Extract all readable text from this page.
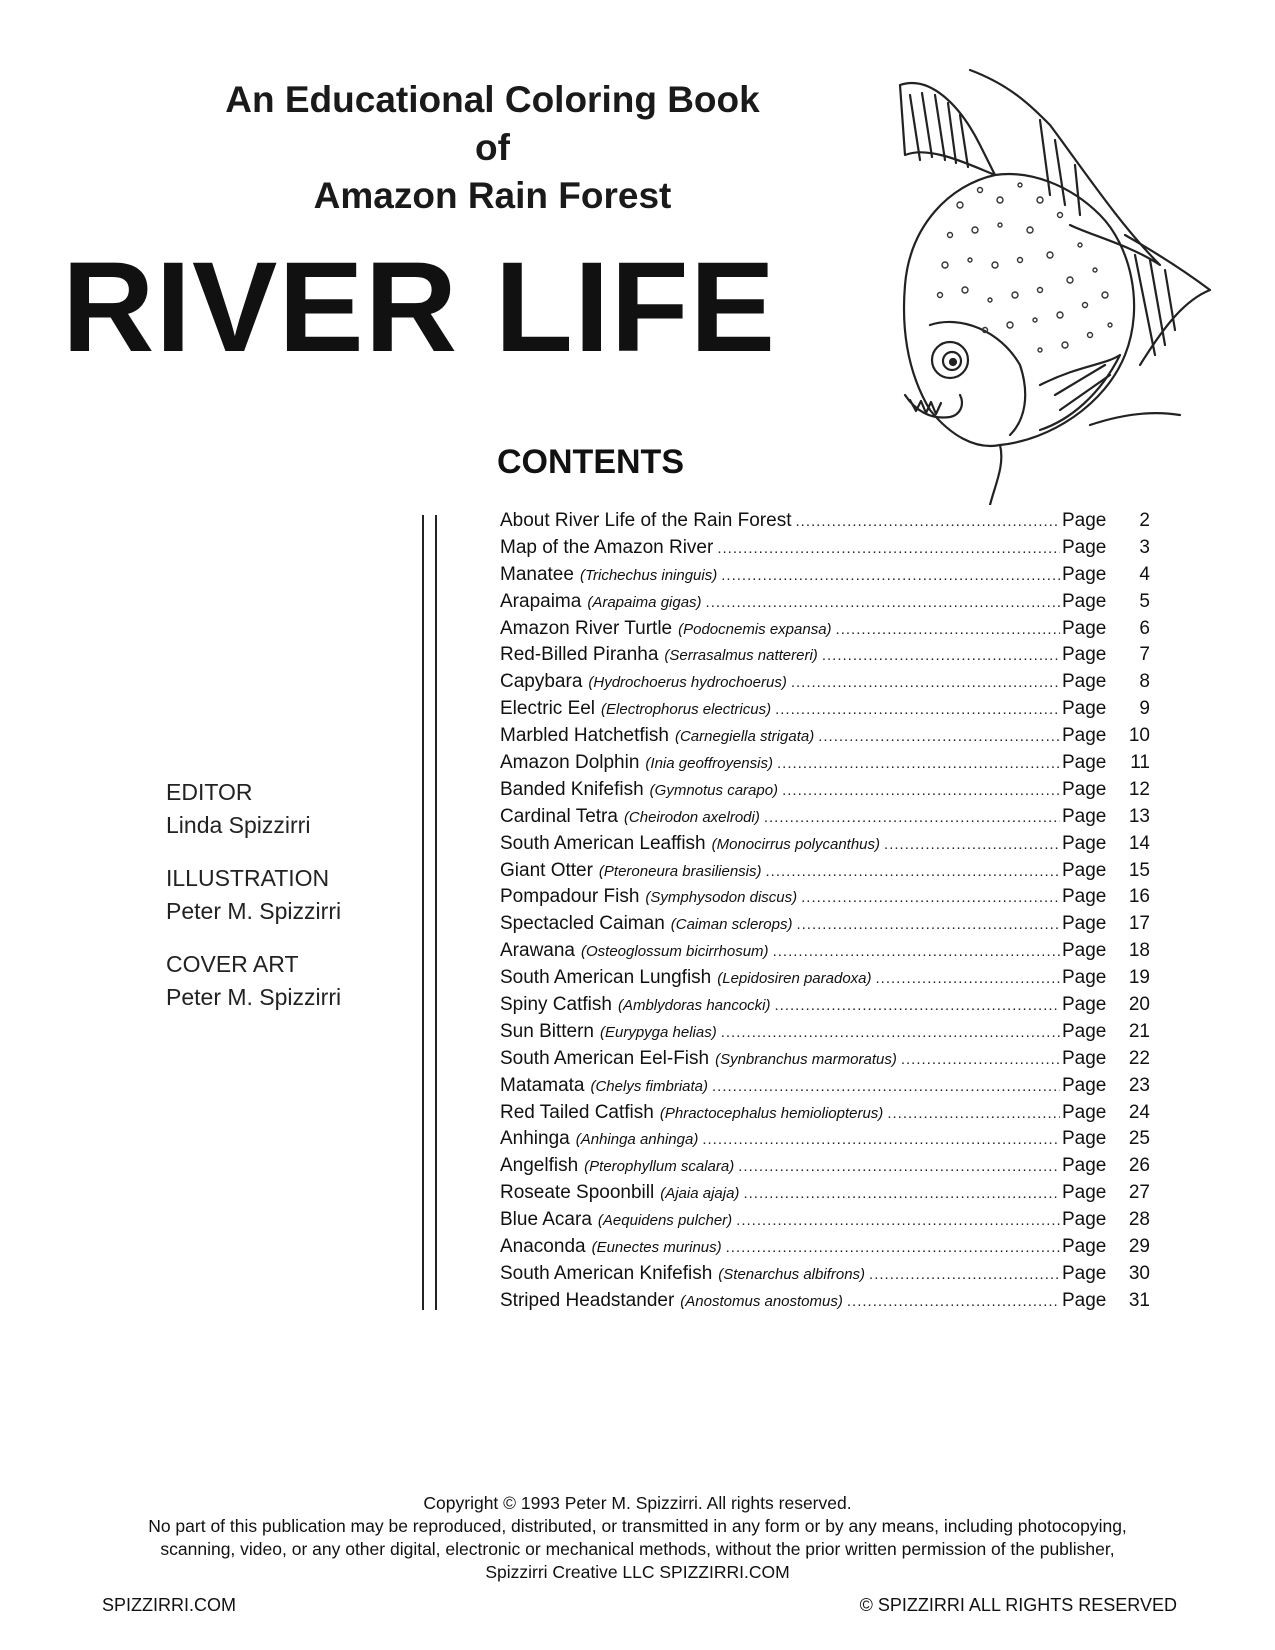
An Educational Coloring Book
of
Amazon Rain Forest
RIVER LIFE
CONTENTS
About River Life of the Rain Forest .....	Page	2
Map of the Amazon River .....	Page	3
Manatee (Trichechus ininguis) .....	Page	4
Arapaima (Arapaima gigas) .....	Page	5
Amazon River Turtle (Podocnemis expansa) .....	Page	6
Red-Billed Piranha (Serrasalmus nattereri) .....	Page	7
Capybara (Hydrochoerus hydrochoerus) .....	Page	8
Electric Eel (Electrophorus electricus) .....	Page	9
Marbled Hatchetfish (Carnegiella strigata) .....	Page	10
Amazon Dolphin (Inia geoffroyensis) .....	Page	11
Banded Knifefish (Gymnotus carapo) .....	Page	12
Cardinal Tetra (Cheirodon axelrodi) .....	Page	13
South American Leaffish (Monocirrus polycanthus) .....	Page	14
Giant Otter (Pteroneura brasiliensis) .....	Page	15
Pompadour Fish (Symphysodon discus) .....	Page	16
Spectacled Caiman (Caiman sclerops) .....	Page	17
Arawana (Osteoglossum bicirrhosum) .....	Page	18
South American Lungfish (Lepidosiren paradoxa) .....	Page	19
Spiny Catfish (Amblydoras hancocki) .....	Page	20
Sun Bittern (Eurypyga helias) .....	Page	21
South American Eel-Fish (Synbranchus marmoratus) .....	Page	22
Matamata (Chelys fimbriata) .....	Page	23
Red Tailed Catfish (Phractocephalus hemioliopterus) .....	Page	24
Anhinga (Anhinga anhinga) .....	Page	25
Angelfish (Pterophyllum scalara) .....	Page	26
Roseate Spoonbill (Ajaia ajaja) .....	Page	27
Blue Acara (Aequidens pulcher) .....	Page	28
Anaconda (Eunectes murinus) .....	Page	29
South American Knifefish (Stenarchus albifrons) .....	Page	30
Striped Headstander (Anostomus anostomus) .....	Page	31
EDITOR
Linda Spizzirri
ILLUSTRATION
Peter M. Spizzirri
COVER ART
Peter M. Spizzirri
Copyright © 1993 Peter M. Spizzirri. All rights reserved.
No part of this publication may be reproduced, distributed, or transmitted in any form or by any means, including photocopying,
scanning, video, or any other digital, electronic or mechanical methods, without the prior written permission of the publisher,
Spizzirri Creative LLC SPIZZIRRI.COM
SPIZZIRRI.COM	© SPIZZIRRI ALL RIGHTS RESERVED
